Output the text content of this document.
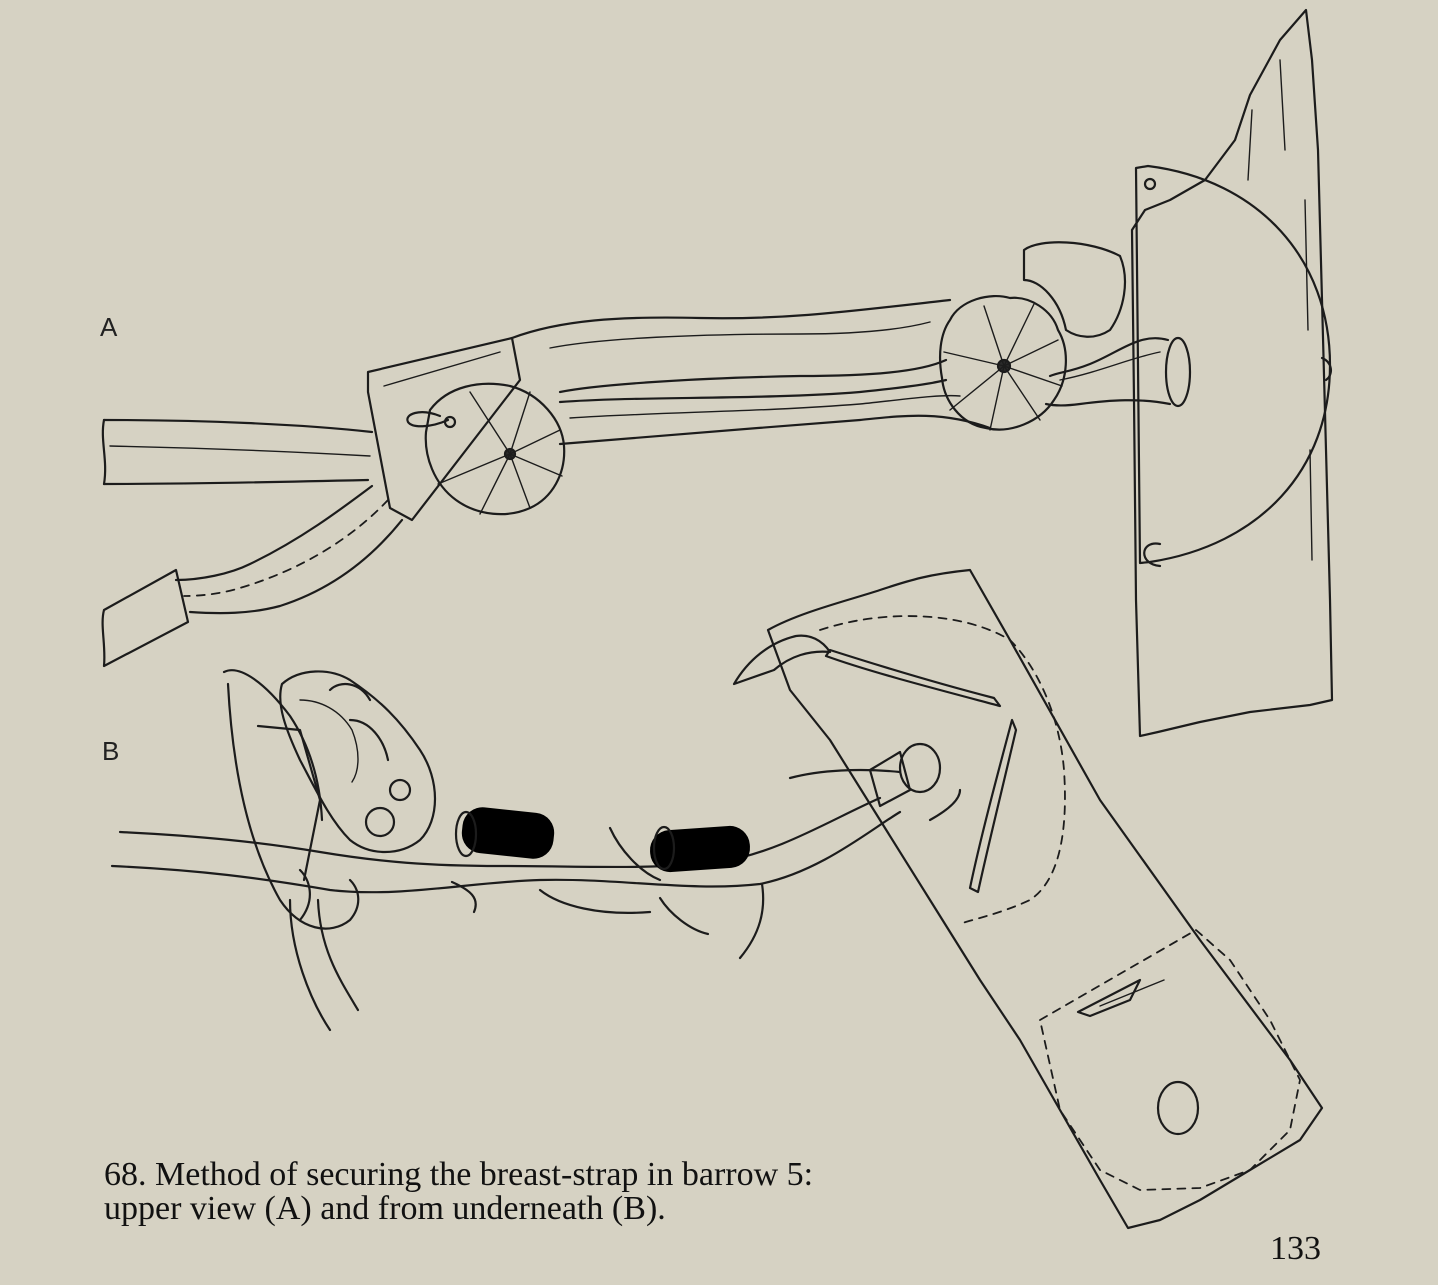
A
B
68. Method of securing the breast-strap in barrow 5:
upper view (A) and from underneath (B).
133
